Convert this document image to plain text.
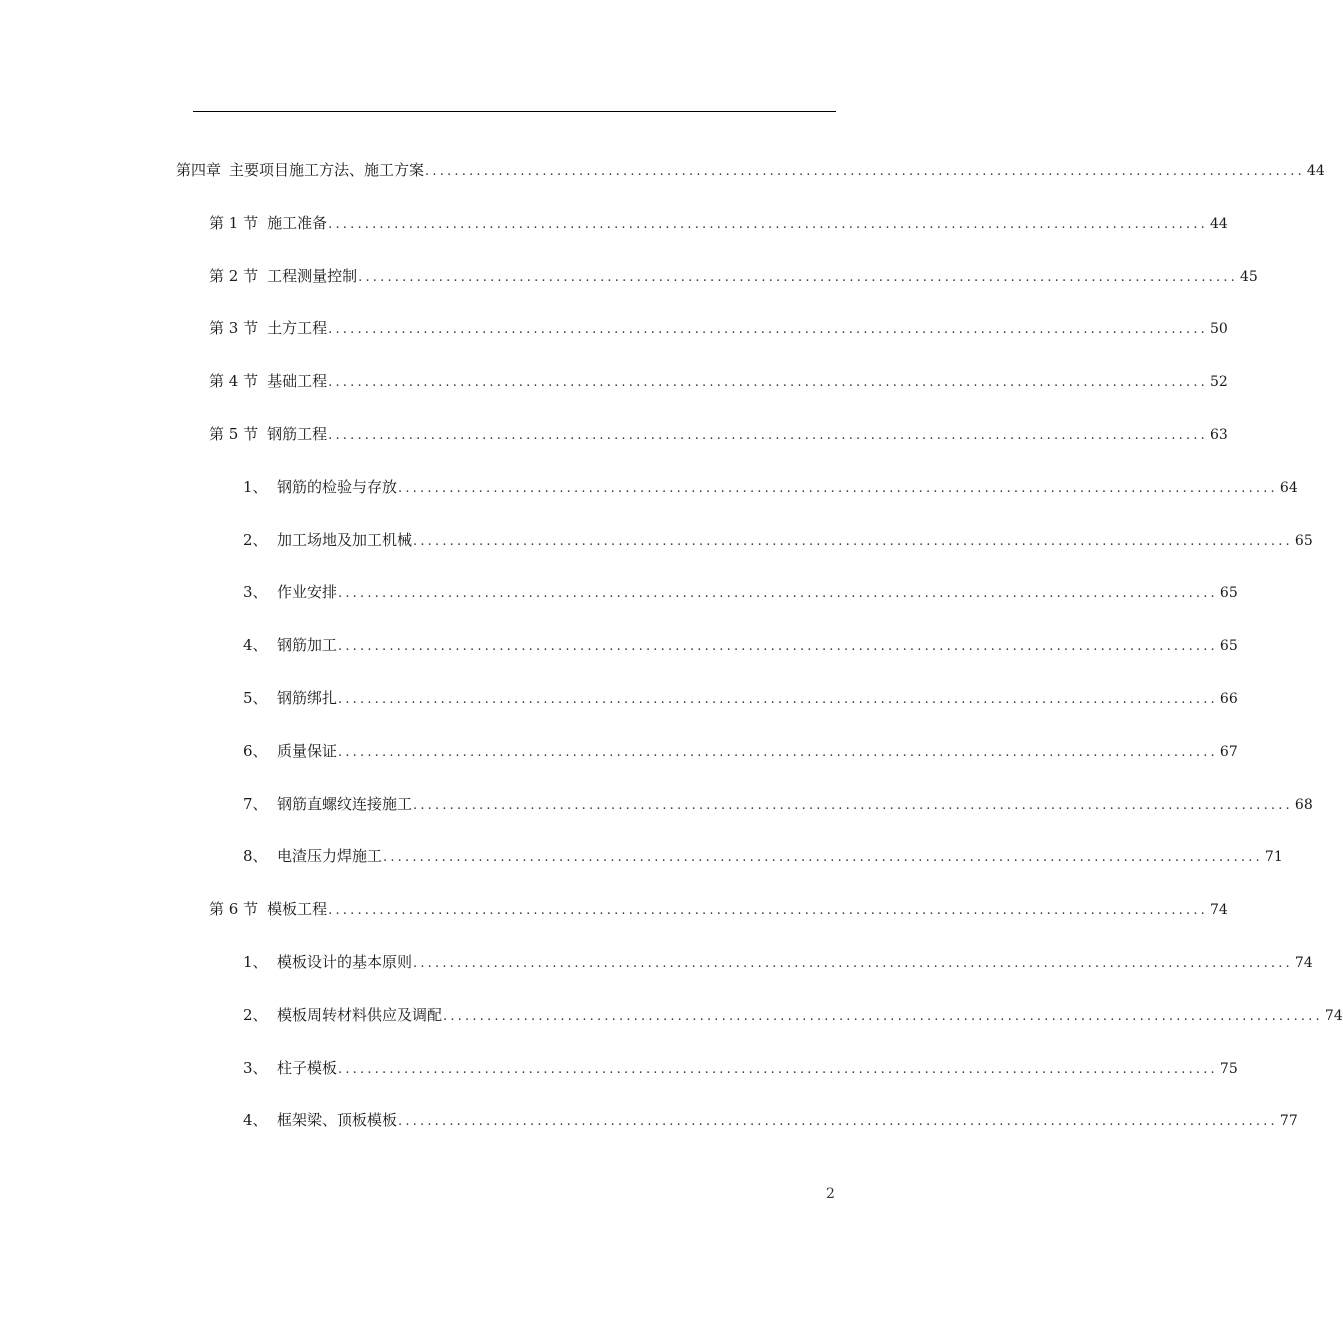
第四章 主要项目施工方法、施工方案 ........................................................................................................................ 44
第 1 节 施工准备 ........................................................................................................................ 44
第 2 节 工程测量控制 ........................................................................................................................ 45
第 3 节 土方工程 ........................................................................................................................ 50
第 4 节 基础工程 ........................................................................................................................ 52
第 5 节 钢筋工程 ........................................................................................................................ 63
1、 钢筋的检验与存放 ........................................................................................................................ 64
2、 加工场地及加工机械 ........................................................................................................................ 65
3、 作业安排 ........................................................................................................................ 65
4、 钢筋加工 ........................................................................................................................ 65
5、 钢筋绑扎 ........................................................................................................................ 66
6、 质量保证 ........................................................................................................................ 67
7、 钢筋直螺纹连接施工 ........................................................................................................................ 68
8、 电渣压力焊施工 ........................................................................................................................ 71
第 6 节 模板工程 ........................................................................................................................ 74
1、 模板设计的基本原则 ........................................................................................................................ 74
2、 模板周转材料供应及调配 ........................................................................................................................ 74
3、 柱子模板 ........................................................................................................................ 75
4、 框架梁、顶板模板 ........................................................................................................................ 77
2
